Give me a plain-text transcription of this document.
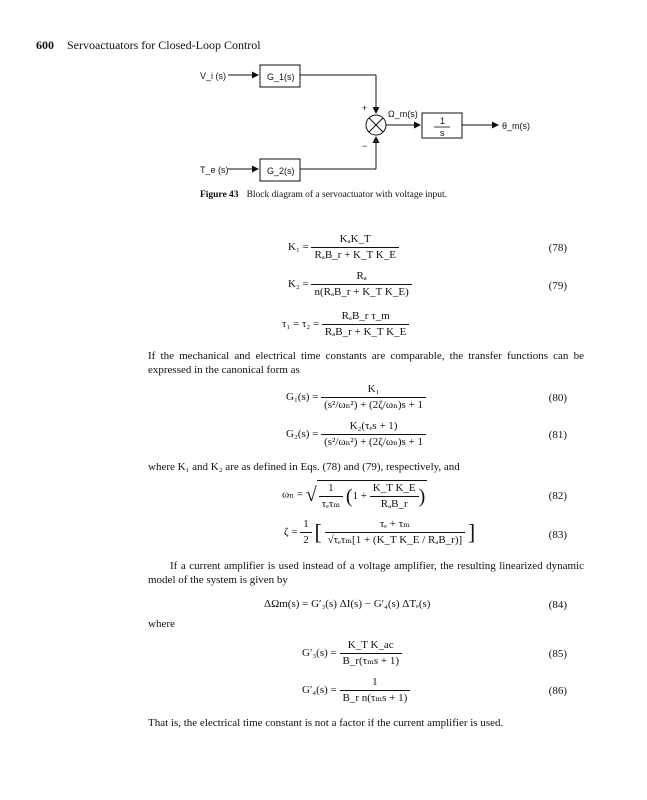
600 Servoactuators for Closed-Loop Control
V_i (s)	G_1(s)
+
Ω_m(s)
1
s
θ_m(s)
T_e (s)	G_2(s)
−
Figure 43 Block diagram of a servoactuator with voltage input.
$K_1 = \frac{\text{KₐK\_T}}{\text{RₐB\_r + K\_T K\_E}}$	(78)
$K_2 = \frac{\text{Rₐ}}{\text{n(RₐB\_r + K\_T K\_E)}}$	(79)
$\tau_1 = \tau_2 = \frac{\text{RₐB\_r τ\_m}}{\text{RₐB\_r + K\_T K\_E}}$
If the mechanical and electrical time constants are comparable, the transfer functions can be expressed in the canonical form as
$G_1(s) = \frac{\text{K₁}}{\text{(s²/ωₙ²) + (2ζ/ωₙ)s + 1}}$	(80)
$G_2(s) = \frac{\text{K₂(τₑs + 1)}}{\text{(s²/ωₙ²) + (2ζ/ωₙ)s + 1}}$	(81)
where K₁ and K₂ are as defined in Eqs. (78) and (79), respectively, and
ωₙ = √ $\frac{1}{\text{τₑτₘ}} (1 + \frac{\text{K\_T K\_E}}{\text{RₐB\_r}}$ )	(82)
$\zeta = \frac{1}{2}$ [ $\frac{\text{τₑ + τₘ}}{\text{√τₑτₘ[1 + (K\_T K\_E / RₐB\_r)]}}$ ]	(83)
If a current amplifier is used instead of a voltage amplifier, the resulting linearized dynamic model of the system is given by
ΔΩm(s) = G′₃(s) ΔI(s) − G′₄(s) ΔTₑ(s)	(84)
where
$G'_3(s) = \frac{\text{K\_T K\_ac}}{\text{B\_r(τₘs + 1)}}$	(85)
$G'_4(s) = \frac{1}{\text{B\_r n(τₘs + 1)}}$	(86)
That is, the electrical time constant is not a factor if the current amplifier is used.
